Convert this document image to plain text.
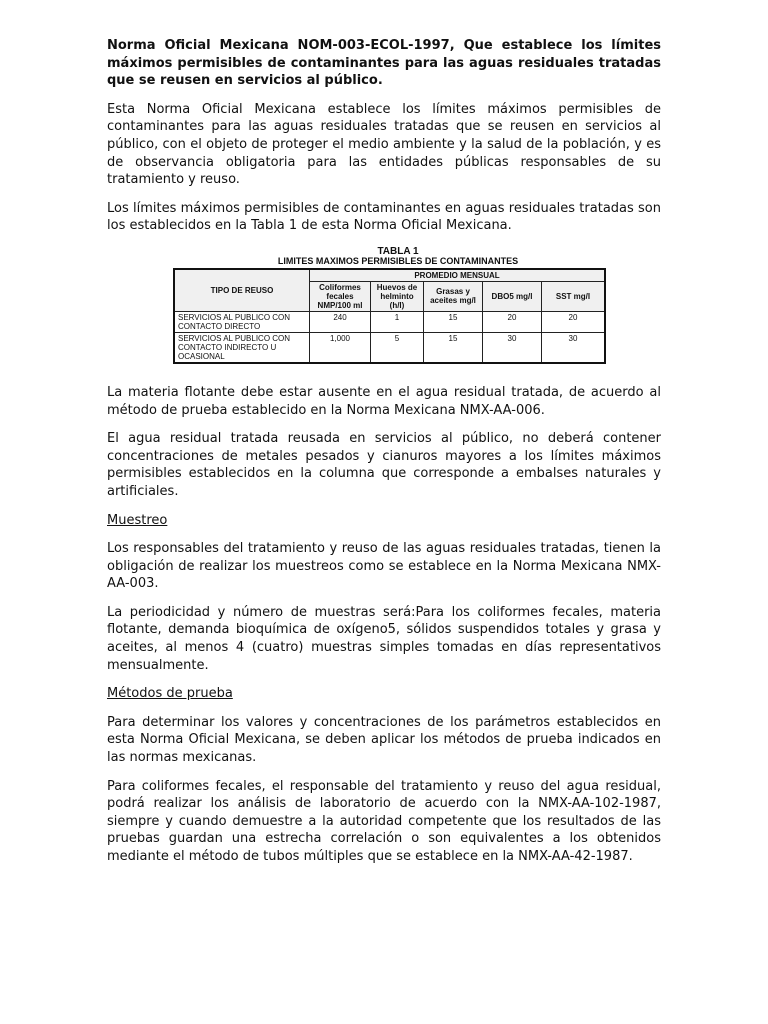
Norma Oficial Mexicana NOM-003-ECOL-1997, Que establece los límites máximos permisibles de contaminantes para las aguas residuales tratadas que se reusen en servicios al público.

Esta Norma Oficial Mexicana establece los límites máximos permisibles de contaminantes para las aguas residuales tratadas que se reusen en servicios al público, con el objeto de proteger el medio ambiente y la salud de la población, y es de observancia obligatoria para las entidades públicas responsables de su tratamiento y reuso.

Los límites máximos permisibles de contaminantes en aguas residuales tratadas son los establecidos en la Tabla 1 de esta Norma Oficial Mexicana.

TABLA 1
LIMITES MAXIMOS PERMISIBLES DE CONTAMINANTES
TIPO DE REUSO	PROMEDIO MENSUAL				
	Coliformes fecales NMP/100 ml	Huevos de helminto (h/l)	Grasas y aceites mg/l	DBO5 mg/l	SST mg/l
SERVICIOS AL PUBLICO CON CONTACTO DIRECTO	240	1	15	20	20
SERVICIOS AL PUBLICO CON CONTACTO INDIRECTO U OCASIONAL	1,000	5	15	30	30

La materia flotante debe estar ausente en el agua residual tratada, de acuerdo al método de prueba establecido en la Norma Mexicana NMX-AA-006.

El agua residual tratada reusada en servicios al público, no deberá contener concentraciones de metales pesados y cianuros mayores a los límites máximos permisibles establecidos en la columna que corresponde a embalses naturales y artificiales.

Muestreo

Los responsables del tratamiento y reuso de las aguas residuales tratadas, tienen la obligación de realizar los muestreos como se establece en la Norma Mexicana NMX-AA-003.

La periodicidad y número de muestras será:Para los coliformes fecales, materia flotante, demanda bioquímica de oxígeno5, sólidos suspendidos totales y grasa y aceites, al menos 4 (cuatro) muestras simples tomadas en días representativos mensualmente.

Métodos de prueba

Para determinar los valores y concentraciones de los parámetros establecidos en esta Norma Oficial Mexicana, se deben aplicar los métodos de prueba indicados en las normas mexicanas.

Para coliformes fecales, el responsable del tratamiento y reuso del agua residual, podrá realizar los análisis de laboratorio de acuerdo con la NMX-AA-102-1987, siempre y cuando demuestre a la autoridad competente que los resultados de las pruebas guardan una estrecha correlación o son equivalentes a los obtenidos mediante el método de tubos múltiples que se establece en la NMX-AA-42-1987.
